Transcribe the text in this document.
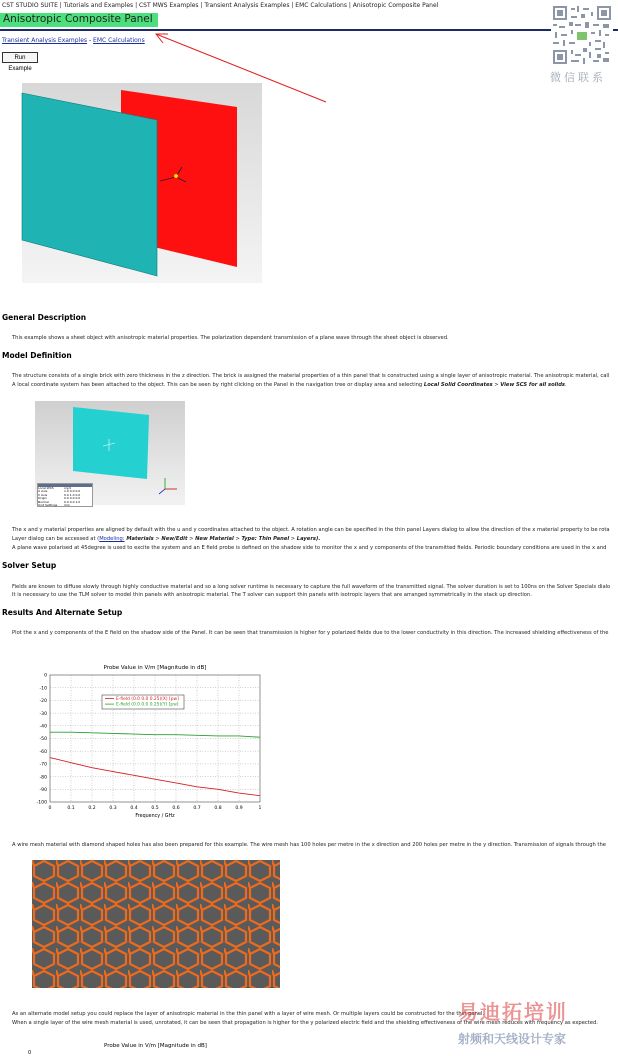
CST STUDIO SUITE | Tutorials and Examples | CST MWS Examples | Transient Analysis Examples | EMC Calculations | Anisotropic Composite Panel
Anisotropic Composite Panel
Transient Analysis Examples - EMC Calculations
Run Example
微信联系
General Description
This example shows a sheet object with anisotropic material properties. The polarization dependent transmission of a plane wave through the sheet object is observed.
Model Definition
The structure consists of a single brick with zero thickness in the z direction. The brick is assigned the material properties of a thin panel that is constructed using a single layer of anisotropic material. The anisotropic material, call
A local coordinate system has been attached to the object. This can be seen by right clicking on the Panel in the navigation tree or display area and selecting Local Solid Coordinates > View SCS for all solids.
Local WCS	x/y/z
U Axis	1.0 0.0 0.0
V Axis	0.0 1.0 0.0
Origin	0.0 0.0 0.0
Normal	0.0 0.0 1.0
Unit Settings	mm
The x and y material properties are aligned by default with the u and y coordinates attached to the object. A rotation angle can be specified in the thin panel Layers dialog to allow the direction of the x material property to be rota
Layer dialog can be accessed at (Modeling: Materials > New/Edit > New Material > Type: Thin Panel > Layers).
A plane wave polarised at 45degree is used to excite the system and an E field probe is defined on the shadow side to monitor the x and y components of the transmitted fields. Periodic boundary conditions are used in the x and
Solver Setup
Fields are known to diffuse slowly through highly conductive material and so a long solver runtime is necessary to capture the full waveform of the transmitted signal. The solver duration is set to 100ns on the Solver Specials dialo
It is necessary to use the TLM solver to model thin panels with anisotropic material. The T solver can support thin panels with isotropic layers that are arranged symmetrically in the stack up direction.
Results And Alternate Setup
Plot the x and y components of the E field on the shadow side of the Panel. It can be seen that transmission is higher for y polarized fields due to the lower conductivity in this direction. The increased shielding effectiveness of the
Probe Value in V/m [Magnitude in dB]
0	0.1	0.2	0.3	0.4	0.5	0.6	0.7	0.8	0.9	1
0
-10
-20
-30
-40
-50
-60
-70
-80
-90
-100
Frequency / GHz
E-field (0.0 0.0 0.25)(X) [pw]
E-field (0.0 0.0 0.25)(Y) [pw]
A wire mesh material with diamond shaped holes has also been prepared for this example. The wire mesh has 100 holes per metre in the x direction and 200 holes per metre in the y direction. Transmission of signals through the
As an alternate model setup you could replace the layer of anisotropic material in the thin panel with a layer of wire mesh. Or multiple layers could be constructed for the thin panel.
When a single layer of the wire mesh material is used, unrotated, it can be seen that propagation is higher for the y polarized electric field and the shielding effectiveness of the wire mesh reduces with frequency as expected.
Probe Value in V/m [Magnitude in dB]
0
易迪拓培训
射频和天线设计专家
